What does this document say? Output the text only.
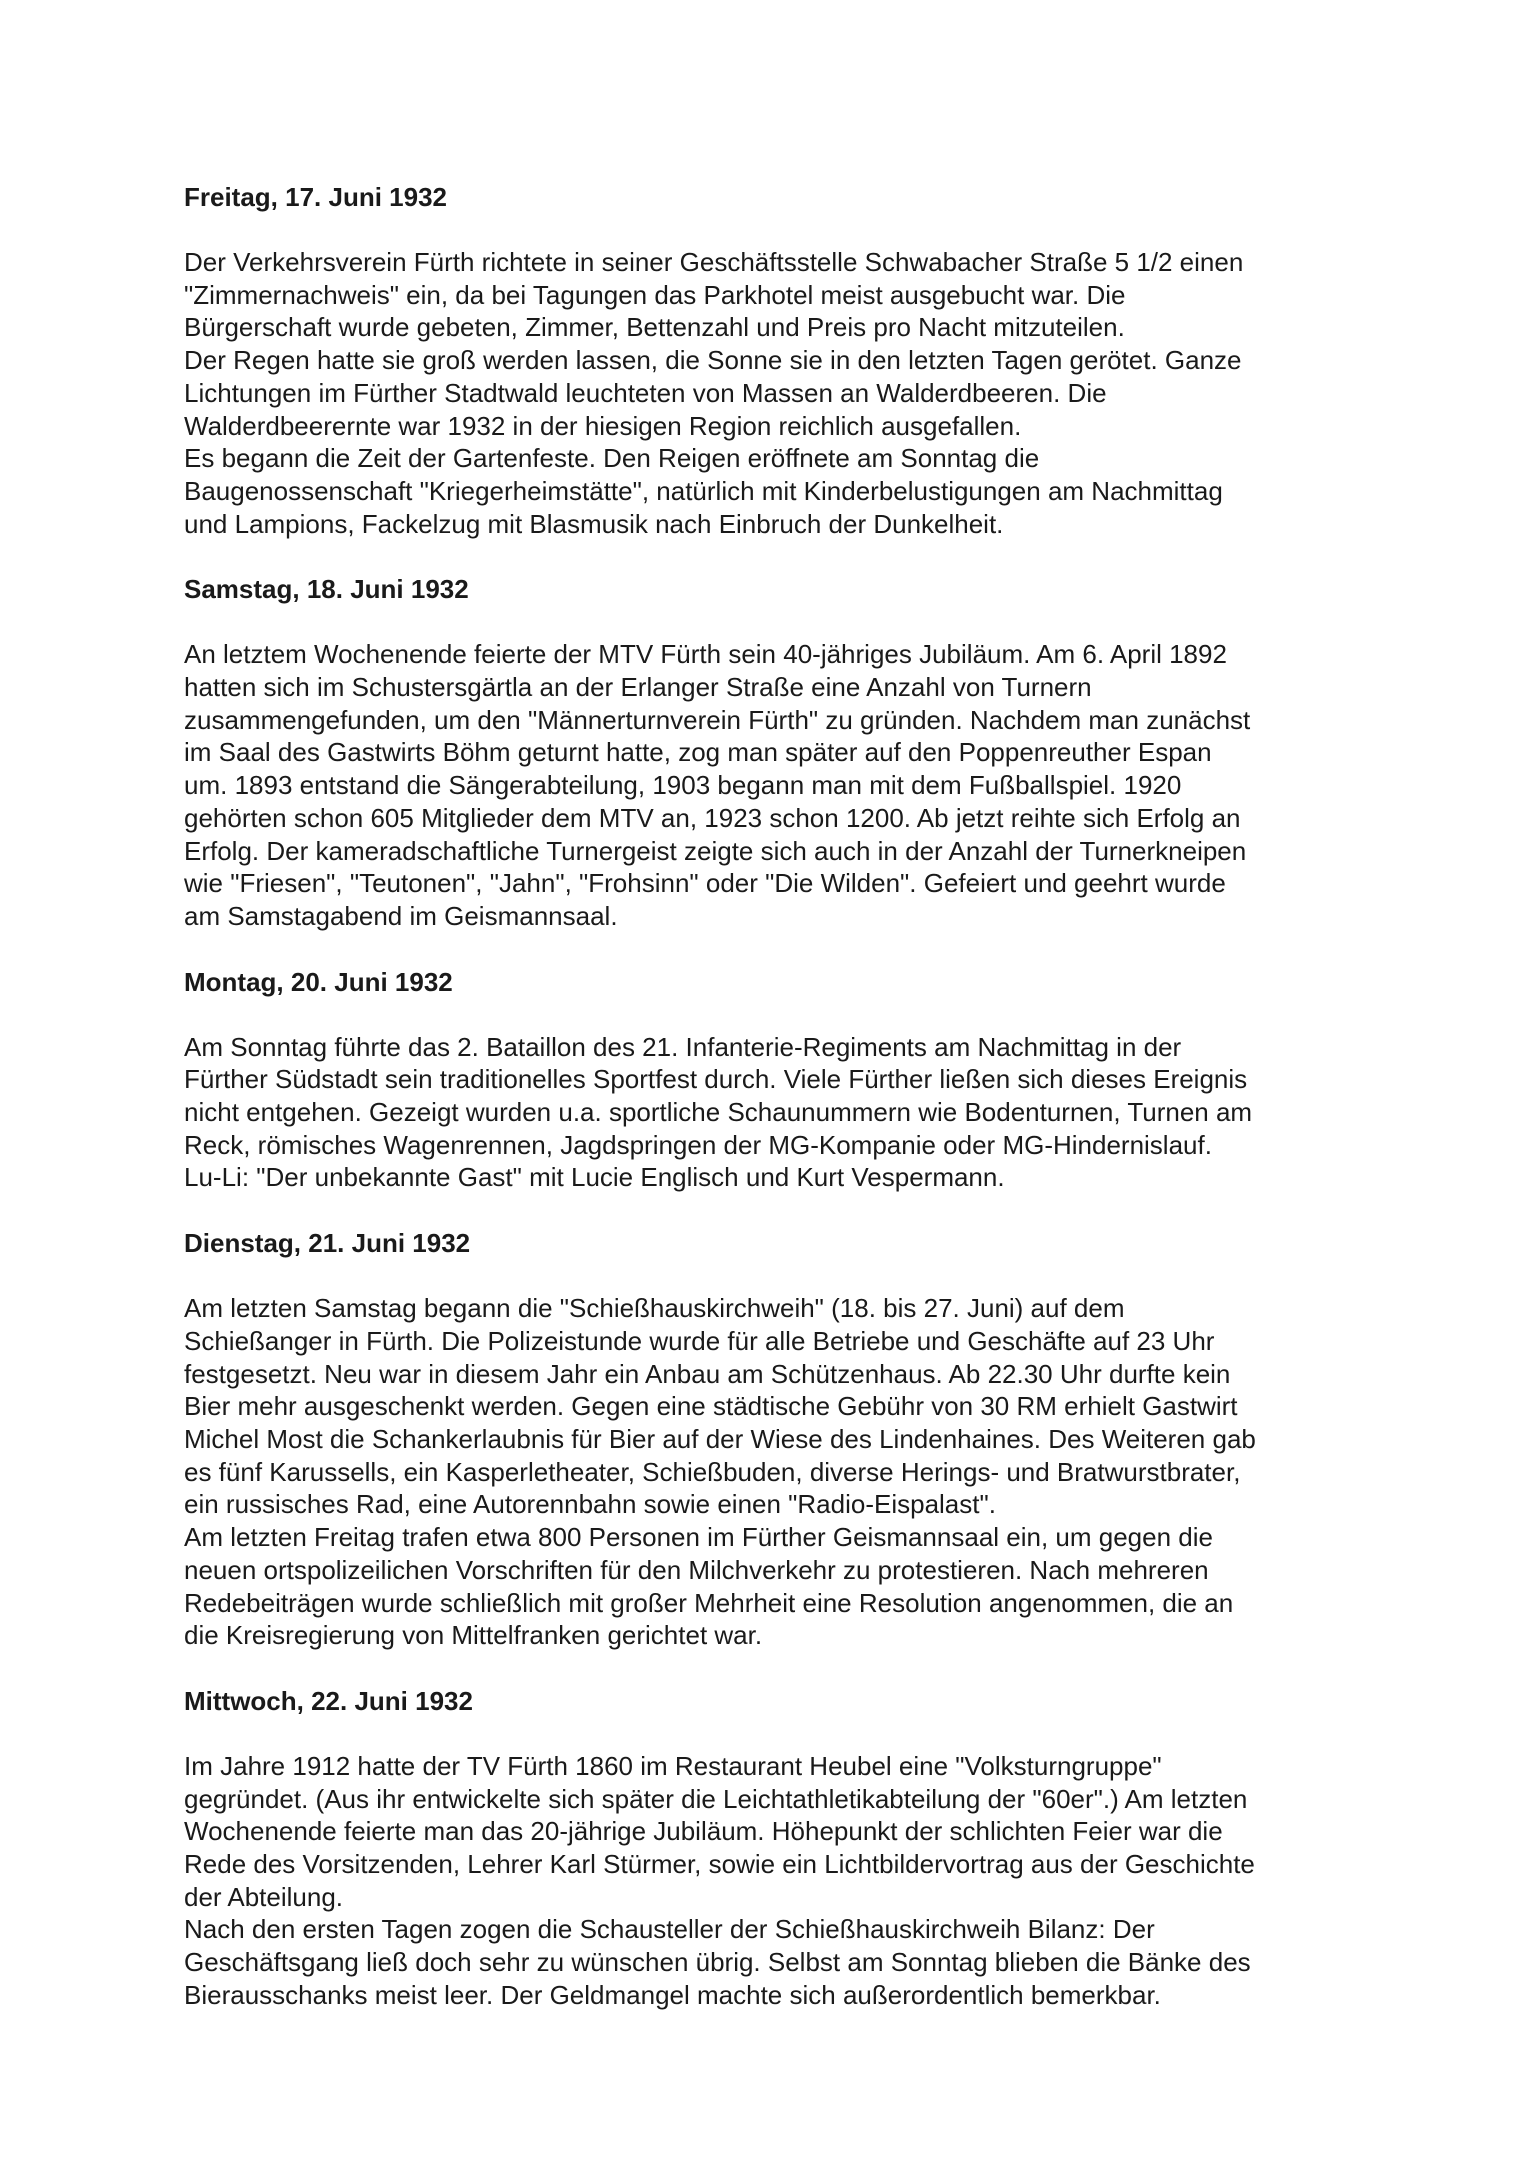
Freitag, 17. Juni 1932
Der Verkehrsverein Fürth richtete in seiner Geschäftsstelle Schwabacher Straße 5 1/2 einen
"Zimmernachweis" ein, da bei Tagungen das Parkhotel meist ausgebucht war. Die
Bürgerschaft wurde gebeten, Zimmer, Bettenzahl und Preis pro Nacht mitzuteilen.
Der Regen hatte sie groß werden lassen, die Sonne sie in den letzten Tagen gerötet. Ganze
Lichtungen im Fürther Stadtwald leuchteten von Massen an Walderdbeeren. Die
Walderdbeerernte war 1932 in der hiesigen Region reichlich ausgefallen.
Es begann die Zeit der Gartenfeste. Den Reigen eröffnete am Sonntag die
Baugenossenschaft "Kriegerheimstätte", natürlich mit Kinderbelustigungen am Nachmittag
und Lampions, Fackelzug mit Blasmusik nach Einbruch der Dunkelheit.
Samstag, 18. Juni 1932
An letztem Wochenende feierte der MTV Fürth sein 40-jähriges Jubiläum. Am 6. April 1892
hatten sich im Schustersgärtla an der Erlanger Straße eine Anzahl von Turnern
zusammengefunden, um den "Männerturnverein Fürth" zu gründen. Nachdem man zunächst
im Saal des Gastwirts Böhm geturnt hatte, zog man später auf den Poppenreuther Espan
um. 1893 entstand die Sängerabteilung, 1903 begann man mit dem Fußballspiel. 1920
gehörten schon 605 Mitglieder dem MTV an, 1923 schon 1200. Ab jetzt reihte sich Erfolg an
Erfolg. Der kameradschaftliche Turnergeist zeigte sich auch in der Anzahl der Turnerkneipen
wie "Friesen", "Teutonen", "Jahn", "Frohsinn" oder "Die Wilden". Gefeiert und geehrt wurde
am Samstagabend im Geismannsaal.
Montag, 20. Juni 1932
Am Sonntag führte das 2. Bataillon des 21. Infanterie-Regiments am Nachmittag in der
Fürther Südstadt sein traditionelles Sportfest durch. Viele Fürther ließen sich dieses Ereignis
nicht entgehen. Gezeigt wurden u.a. sportliche Schaunummern wie Bodenturnen, Turnen am
Reck, römisches Wagenrennen, Jagdspringen der MG-Kompanie oder MG-Hindernislauf.
Lu-Li: "Der unbekannte Gast" mit Lucie Englisch und Kurt Vespermann.
Dienstag, 21. Juni 1932
Am letzten Samstag begann die "Schießhauskirchweih" (18. bis 27. Juni) auf dem
Schießanger in Fürth. Die Polizeistunde wurde für alle Betriebe und Geschäfte auf 23 Uhr
festgesetzt. Neu war in diesem Jahr ein Anbau am Schützenhaus. Ab 22.30 Uhr durfte kein
Bier mehr ausgeschenkt werden. Gegen eine städtische Gebühr von 30 RM erhielt Gastwirt
Michel Most die Schankerlaubnis für Bier auf der Wiese des Lindenhaines. Des Weiteren gab
es fünf Karussells, ein Kasperletheater, Schießbuden, diverse Herings- und Bratwurstbrater,
ein russisches Rad, eine Autorennbahn sowie einen "Radio-Eispalast".
Am letzten Freitag trafen etwa 800 Personen im Fürther Geismannsaal ein, um gegen die
neuen ortspolizeilichen Vorschriften für den Milchverkehr zu protestieren. Nach mehreren
Redebeiträgen wurde schließlich mit großer Mehrheit eine Resolution angenommen, die an
die Kreisregierung von Mittelfranken gerichtet war.
Mittwoch, 22. Juni 1932
Im Jahre 1912 hatte der TV Fürth 1860 im Restaurant Heubel eine "Volksturngruppe"
gegründet. (Aus ihr entwickelte sich später die Leichtathletikabteilung der "60er".) Am letzten
Wochenende feierte man das 20-jährige Jubiläum. Höhepunkt der schlichten Feier war die
Rede des Vorsitzenden, Lehrer Karl Stürmer, sowie ein Lichtbildervortrag aus der Geschichte
der Abteilung.
Nach den ersten Tagen zogen die Schausteller der Schießhauskirchweih Bilanz: Der
Geschäftsgang ließ doch sehr zu wünschen übrig. Selbst am Sonntag blieben die Bänke des
Bierausschanks meist leer. Der Geldmangel machte sich außerordentlich bemerkbar.
